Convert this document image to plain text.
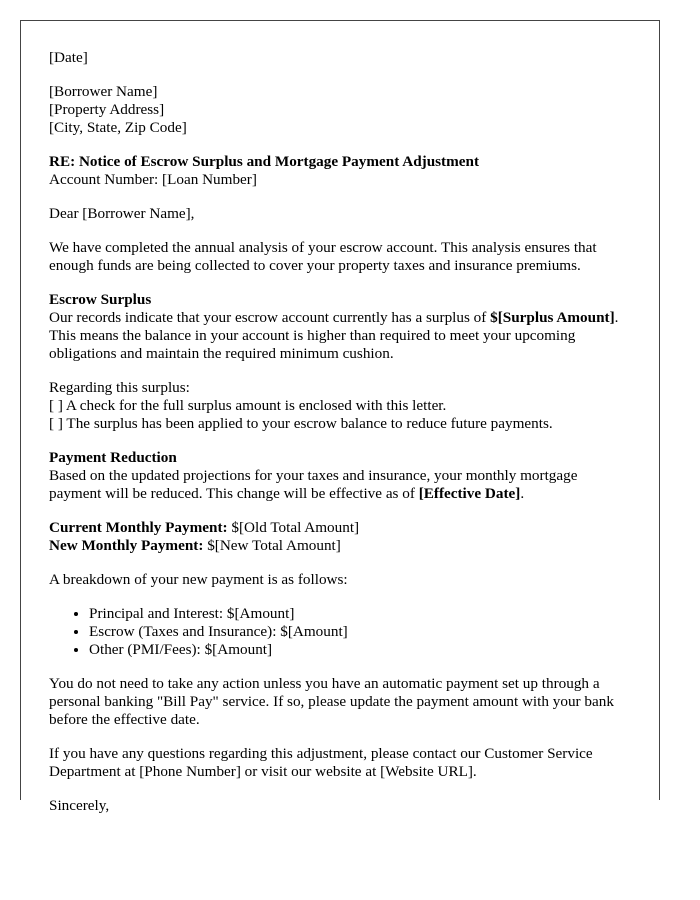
[Date]

[Borrower Name]
[Property Address]
[City, State, Zip Code]

RE: Notice of Escrow Surplus and Mortgage Payment Adjustment
Account Number: [Loan Number]

Dear [Borrower Name],

We have completed the annual analysis of your escrow account. This analysis ensures that enough funds are being collected to cover your property taxes and insurance premiums.

Escrow Surplus
Our records indicate that your escrow account currently has a surplus of $[Surplus Amount]. This means the balance in your account is higher than required to meet your upcoming obligations and maintain the required minimum cushion.

Regarding this surplus:
[ ] A check for the full surplus amount is enclosed with this letter.
[ ] The surplus has been applied to your escrow balance to reduce future payments.

Payment Reduction
Based on the updated projections for your taxes and insurance, your monthly mortgage payment will be reduced. This change will be effective as of [Effective Date].

Current Monthly Payment: $[Old Total Amount]
New Monthly Payment: $[New Total Amount]

A breakdown of your new payment is as follows:

• Principal and Interest: $[Amount]
• Escrow (Taxes and Insurance): $[Amount]
• Other (PMI/Fees): $[Amount]

You do not need to take any action unless you have an automatic payment set up through a personal banking "Bill Pay" service. If so, please update the payment amount with your bank before the effective date.

If you have any questions regarding this adjustment, please contact our Customer Service Department at [Phone Number] or visit our website at [Website URL].

Sincerely,
